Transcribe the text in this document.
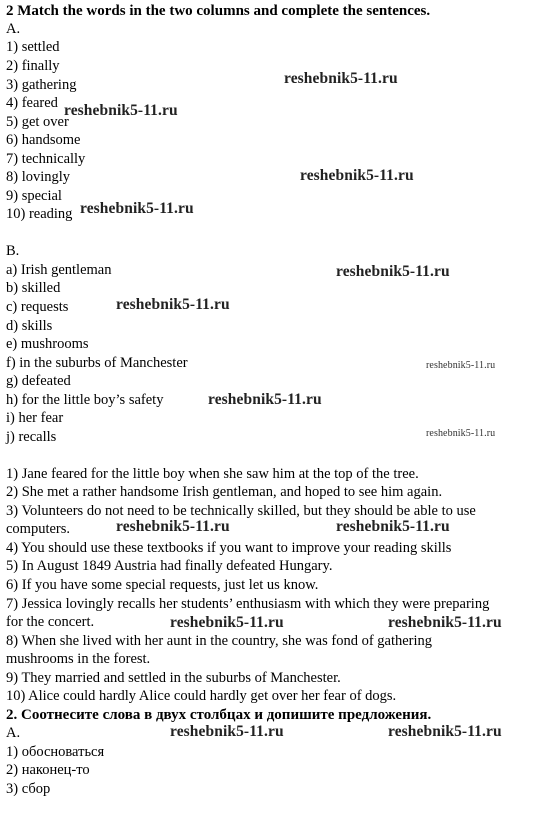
2 Match the words in the two columns and complete the sentences.
A.
1) settled
2) finally
3) gathering
4) feared
5) get over
6) handsome
7) technically
8) lovingly
9) special
10) reading
B.
a) Irish gentleman
b) skilled
c) requests
d) skills
e) mushrooms
f) in the suburbs of Manchester
g) defeated
h) for the little boy’s safety
i) her fear
j) recalls
1) Jane feared for the little boy when she saw him at the top of the tree.
2) She met a rather handsome Irish gentleman, and hoped to see him again.
3) Volunteers do not need to be technically skilled, but they should be able to use
computers.
4) You should use these textbooks if you want to improve your reading skills
5) In August 1849 Austria had finally defeated Hungary.
6) If you have some special requests, just let us know.
7) Jessica lovingly recalls her students’ enthusiasm with which they were preparing
for the concert.
8) When she lived with her aunt in the country, she was fond of gathering
mushrooms in the forest.
9) They married and settled in the suburbs of Manchester.
10) Alice could hardly Alice could hardly get over her fear of dogs.
2. Соотнесите слова в двух столбцах и допишите предложения.
A.
1) обосноваться
2) наконец-то
3) сбор
reshebnik5-11.ru
reshebnik5-11.ru
reshebnik5-11.ru
reshebnik5-11.ru
reshebnik5-11.ru
reshebnik5-11.ru
reshebnik5-11.ru
reshebnik5-11.ru
reshebnik5-11.ru
reshebnik5-11.ru	reshebnik5-11.ru
reshebnik5-11.ru	reshebnik5-11.ru
reshebnik5-11.ru	reshebnik5-11.ru
